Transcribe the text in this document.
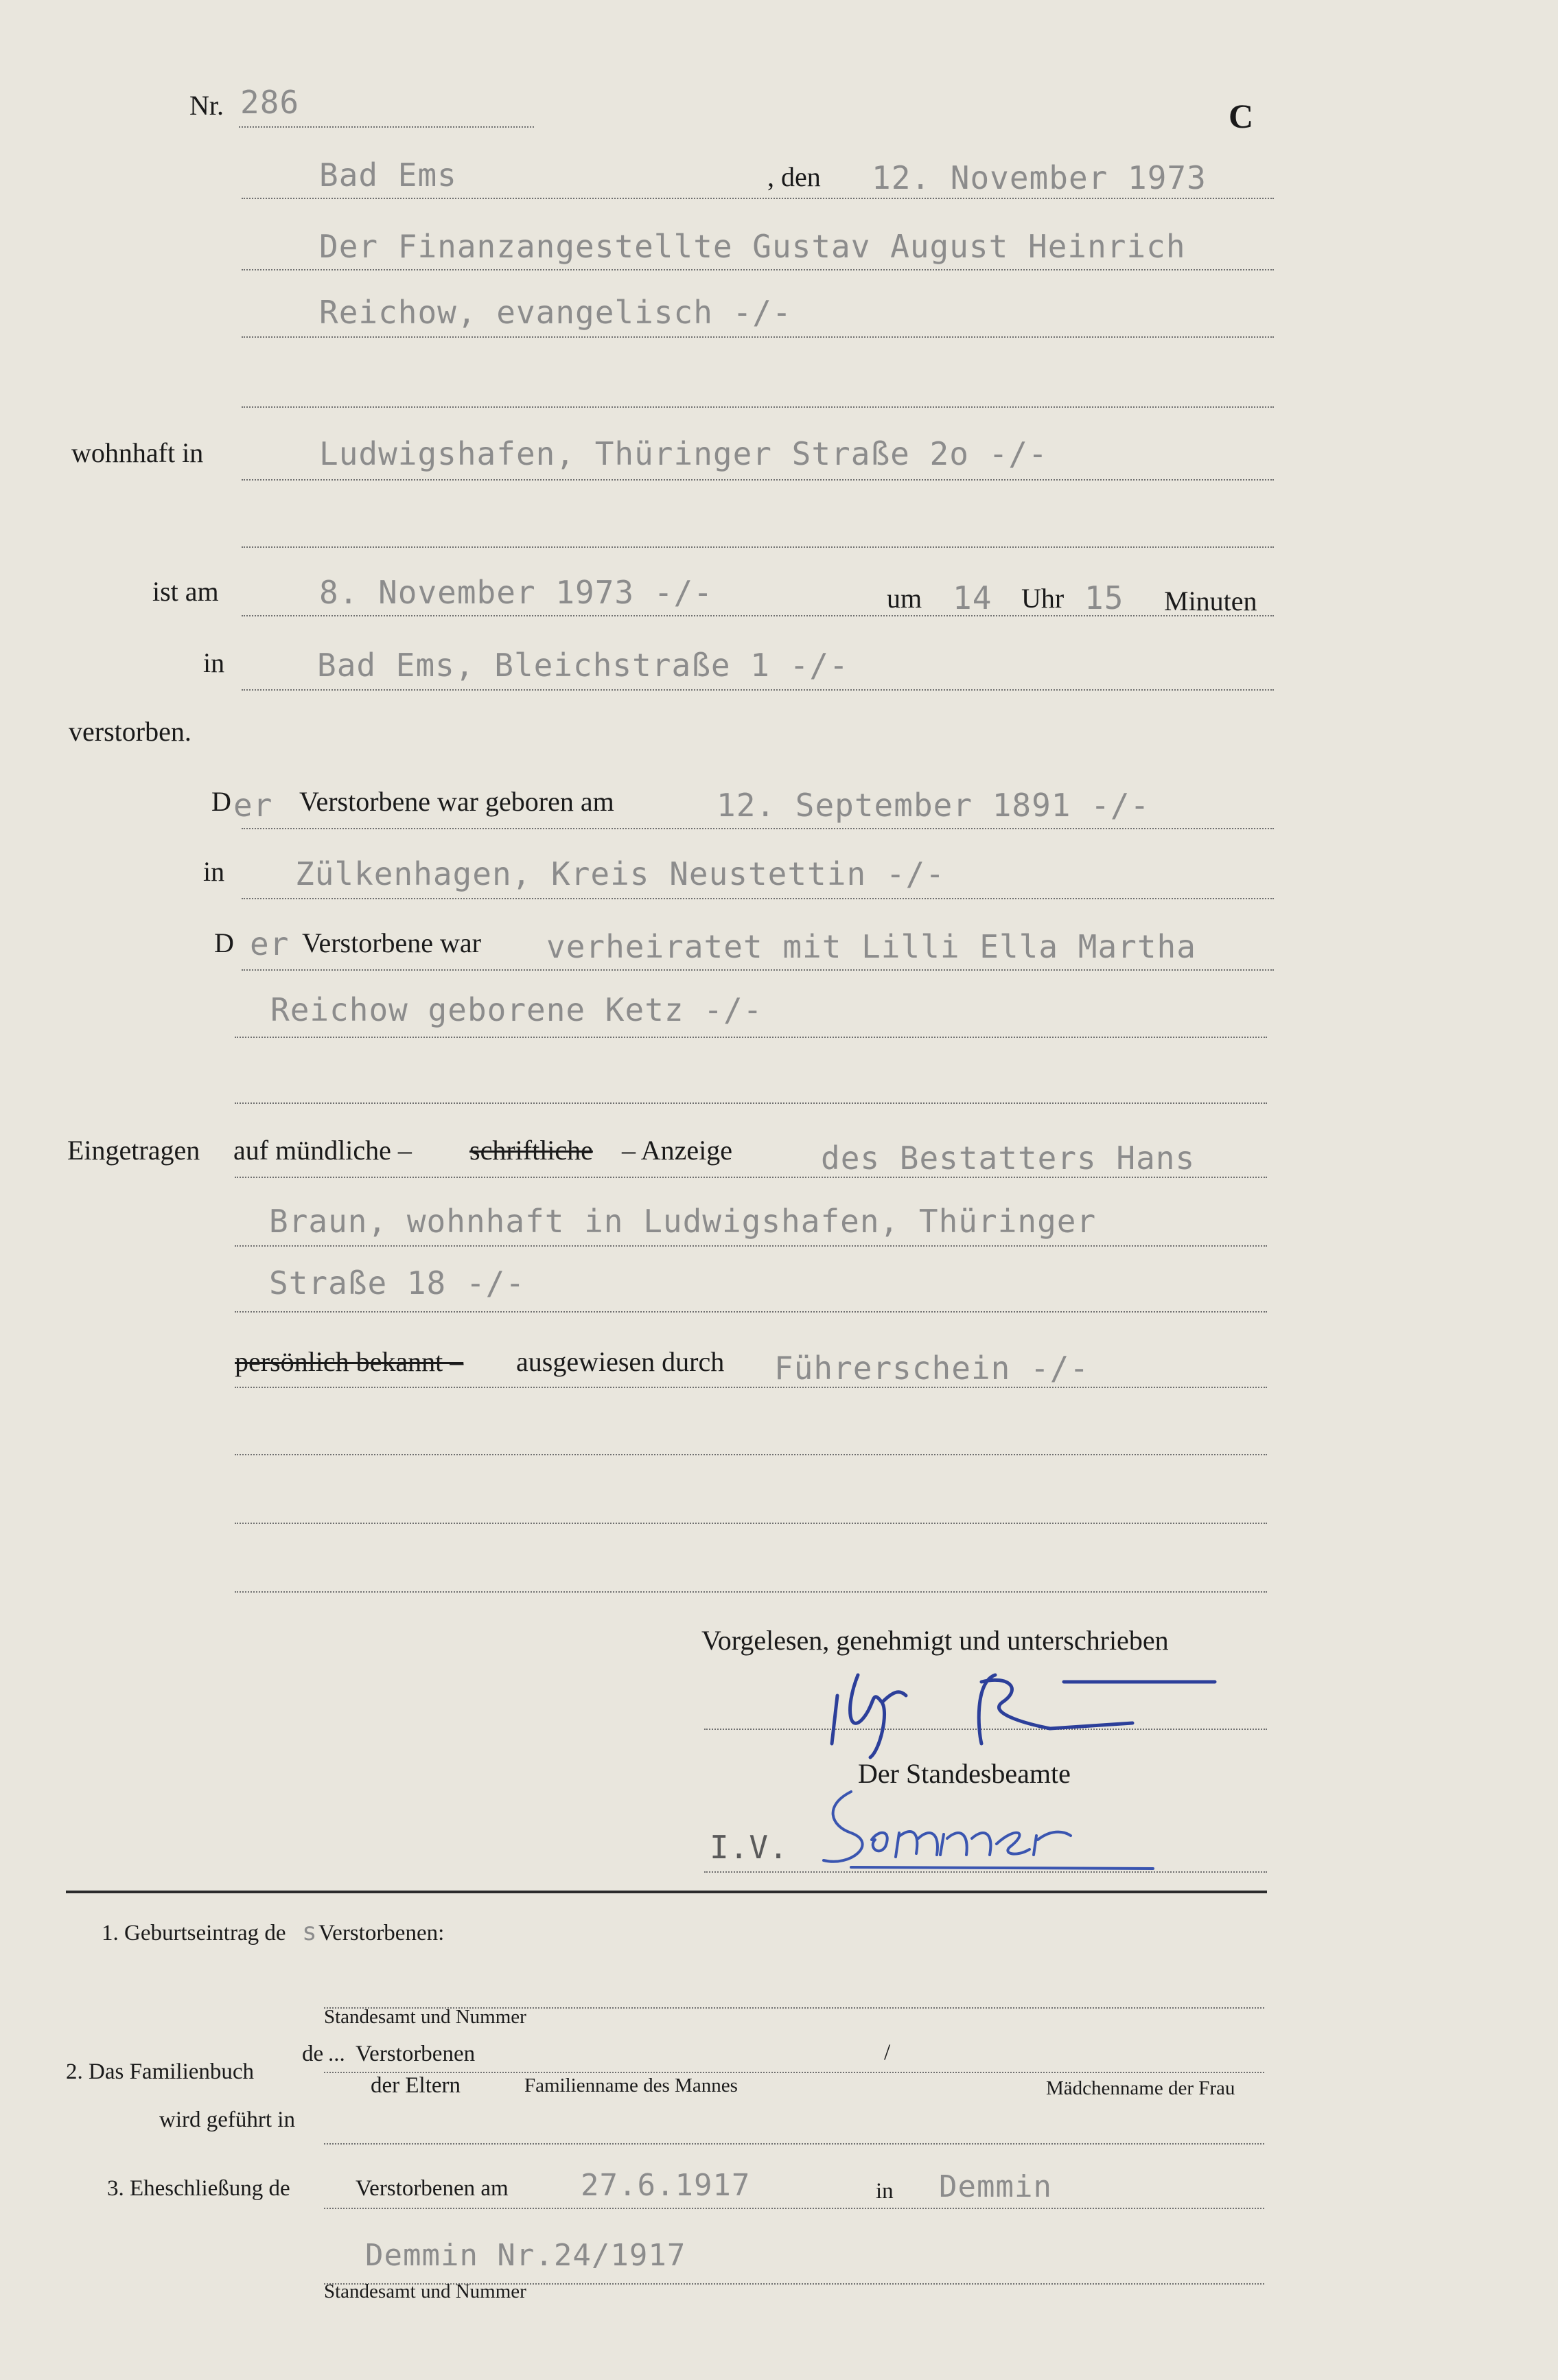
Nr. 286	C
Bad Ems	, den 12. November 1973
Der Finanzangestellte Gustav August Heinrich
Reichow, evangelisch -/-
wohnhaft in	Ludwigshafen, Thüringer Straße 2o -/-
ist am	8. November 1973 -/-	um 14 Uhr 15 Minuten
in	Bad Ems, Bleichstraße 1 -/-
verstorben.
D er Verstorbene war geboren am	12. September 1891 -/-
in Zülkenhagen, Kreis Neustettin -/-
D er Verstorbene war verheiratet mit Lilli Ella Martha
Reichow geborene Ketz -/-
Eingetragen auf mündliche – schriftliche – Anzeige	des Bestatters Hans
Braun, wohnhaft in Ludwigshafen, Thüringer
Straße 18 -/-
persönlich bekannt – ausgewiesen durch Führerschein -/-
Vorgelesen, genehmigt und unterschrieben
Der Standesbeamte
I.V.
1. Geburtseintrag de s Verstorbenen:
Standesamt und Nummer
2. Das Familienbuch
de ... Verstorbenen	/
der Eltern	Familienname des Mannes	Mädchenname der Frau
wird geführt in
3. Eheschließung de	Verstorbenen am 27.6.1917	in Demmin
Demmin Nr.24/1917
Standesamt und Nummer
